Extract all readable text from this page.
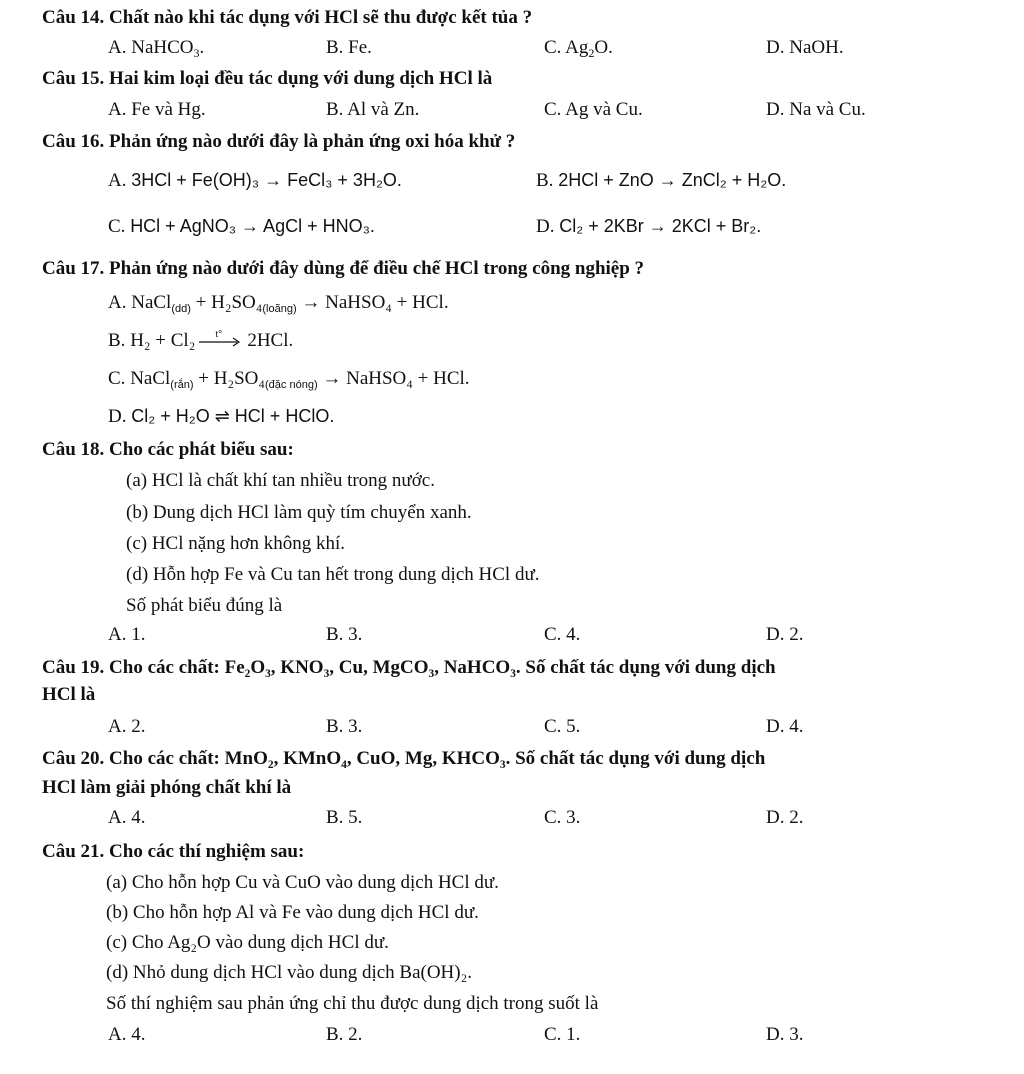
Câu 14. Chất nào khi tác dụng với HCl sẽ thu được kết tủa ?
A. NaHCO$_3$.	B. Fe.	C. $Ag_2O$.	D. NaOH.
Câu 15. Hai kim loại đều tác dụng với dung dịch HCl là
A. Fe và Hg.	B. Al và Zn.	C. Ag và Cu.	D. Na và Cu.
Câu 16. Phản ứng nào dưới đây là phản ứng oxi hóa khử ?
A. 3HCl + Fe(OH)₃ → FeCl₃ + 3H₂O.	B. 2HCl + ZnO → ZnCl₂ + H₂O.
C. HCl + AgNO₃ → AgCl + HNO₃.	D. Cl₂ + 2KBr → 2KCl + Br₂.
Câu 17. Phản ứng nào dưới đây dùng để điều chế HCl trong công nghiệp ?
A. NaCl$_{(dd)}$ + $H_2SO_4_{(loãng)}$ → NaHSO₄ + HCl.
B. H₂ + Cl₂ t° 2HCl.
C. NaCl$_{(rắn)}$ + $H_2SO_4_{(đặc nóng)}$ → NaHSO₄ + HCl.
D. Cl₂ + H₂O ⇌ HCl + HClO.
Câu 18. Cho các phát biểu sau:
(a) HCl là chất khí tan nhiều trong nước.
(b) Dung dịch HCl làm quỳ tím chuyển xanh.
(c) HCl nặng hơn không khí.
(d) Hỗn hợp Fe và Cu tan hết trong dung dịch HCl dư.
Số phát biểu đúng là
A. 1.	B. 3.	C. 4.	D. 2.
Câu 19. Cho các chất: Fe₂O₃, KNO₃, Cu, MgCO₃, NaHCO₃. Số chất tác dụng với dung dịch
HCl là
A. 2.	B. 3.	C. 5.	D. 4.
Câu 20. Cho các chất: MnO₂, KMnO₄, CuO, Mg, KHCO₃. Số chất tác dụng với dung dịch
HCl làm giải phóng chất khí là
A. 4.	B. 5.	C. 3.	D. 2.
Câu 21. Cho các thí nghiệm sau:
(a) Cho hỗn hợp Cu và CuO vào dung dịch HCl dư.
(b) Cho hỗn hợp Al và Fe vào dung dịch HCl dư.
(c) Cho Ag₂O vào dung dịch HCl dư.
(d) Nhỏ dung dịch HCl vào dung dịch Ba(OH)₂.
Số thí nghiệm sau phản ứng chỉ thu được dung dịch trong suốt là
A. 4.	B. 2.	C. 1.	D. 3.
